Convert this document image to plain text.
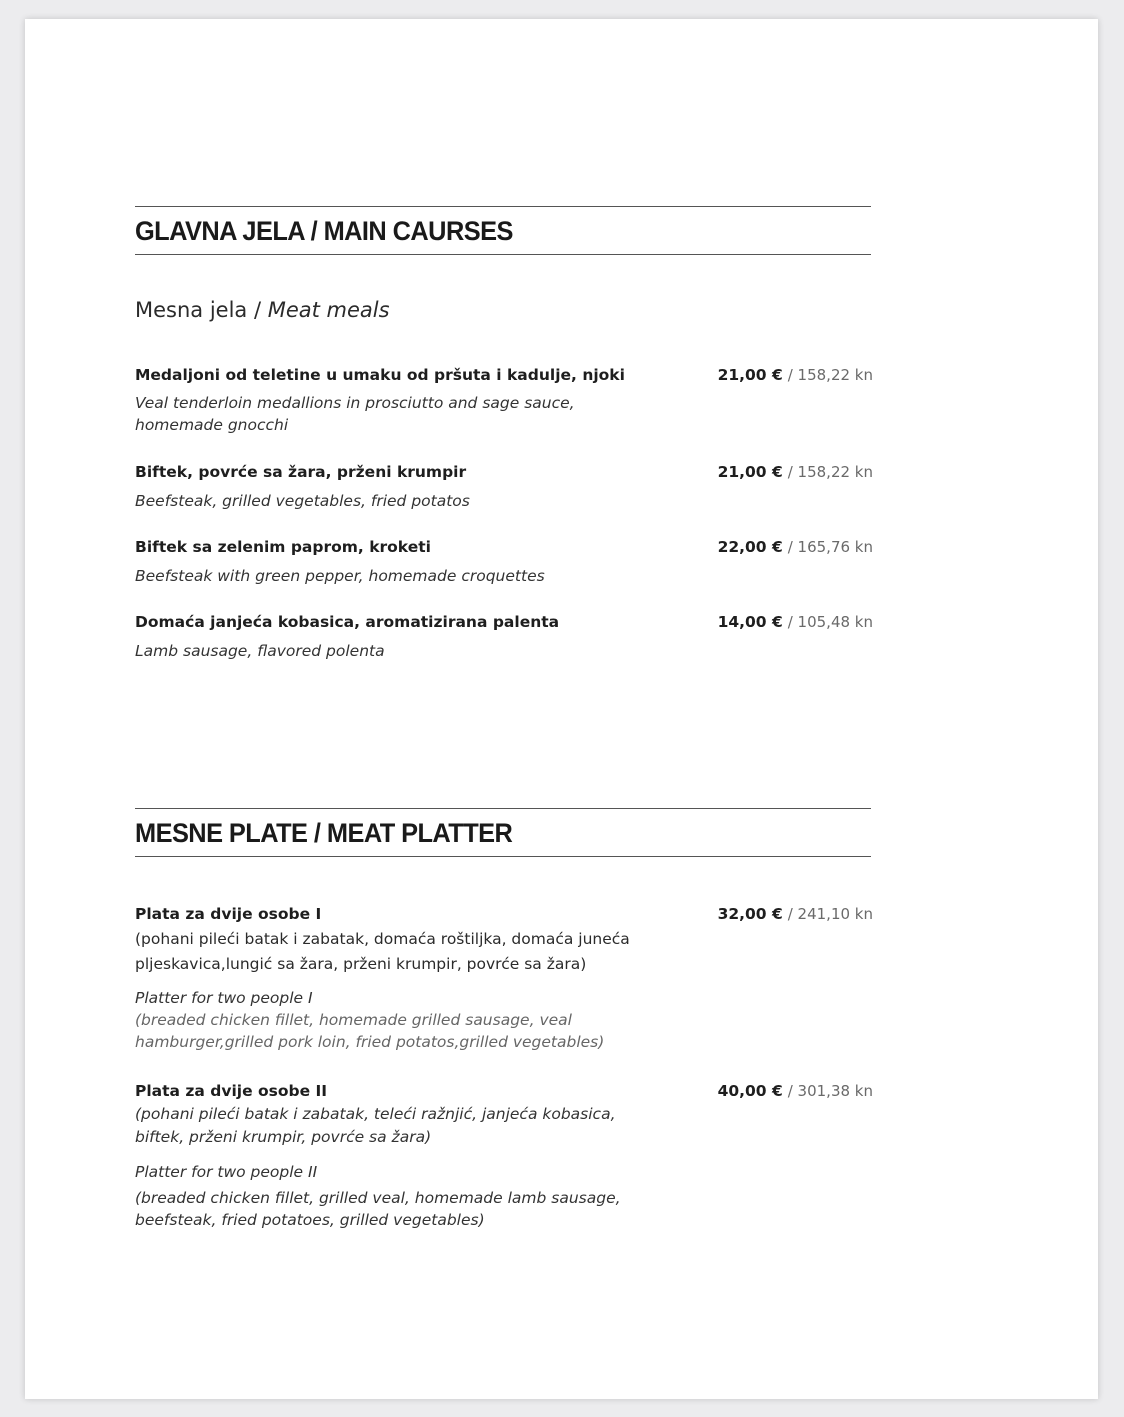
GLAVNA JELA / MAIN CAURSES
Mesna jela / Meat meals
Medaljoni od teletine u umaku od pršuta i kadulje, njoki
Veal tenderloin medallions in prosciutto and sage sauce, homemade gnocchi
21,00 € / 158,22 kn
Biftek, povrće sa žara, prženi krumpir
Beefsteak, grilled vegetables, fried potatos
21,00 € / 158,22 kn
Biftek sa zelenim paprom, kroketi
Beefsteak with green pepper, homemade croquettes
22,00 € / 165,76 kn
Domaća janjeća kobasica, aromatizirana palenta
Lamb sausage, flavored polenta
14,00 € / 105,48 kn
MESNE PLATE / MEAT PLATTER
Plata za dvije osobe I
(pohani pileći batak i zabatak, domaća roštiljka, domaća juneća pljeskavica,lungić sa žara, prženi krumpir, povrće sa žara)
Platter for two people I
(breaded chicken fillet, homemade grilled sausage, veal hamburger,grilled pork loin, fried potatos,grilled vegetables)
32,00 € / 241,10 kn
Plata za dvije osobe II
(pohani pileći batak i zabatak, teleći ražnjić, janjeća kobasica, biftek, prženi krumpir, povrće sa žara)
Platter for two people II
(breaded chicken fillet, grilled veal, homemade lamb sausage, beefsteak, fried potatoes, grilled vegetables)
40,00 € / 301,38 kn
